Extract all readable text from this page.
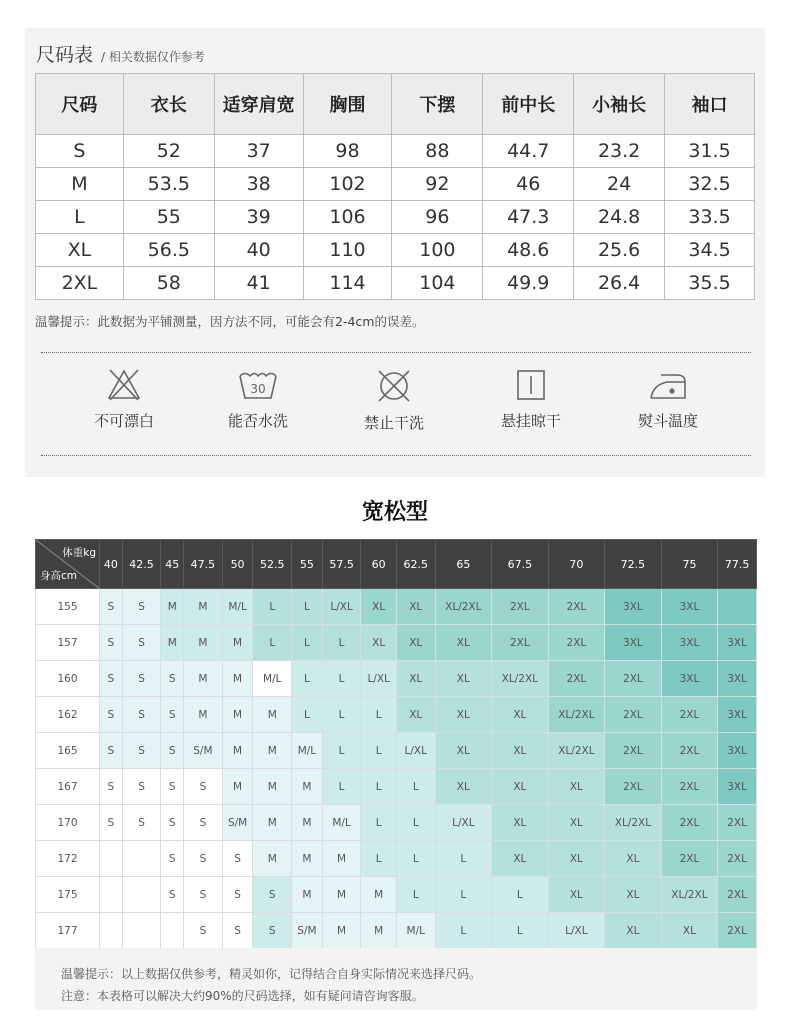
尺码表 / 相关数据仅作参考
尺码	衣长	适穿肩宽	胸围	下摆	前中长	小袖长	袖口
S	52	37	98	88	44.7	23.2	31.5
M	53.5	38	102	92	46	24	32.5
L	55	39	106	96	47.3	24.8	33.5
XL	56.5	40	110	100	48.6	25.6	34.5
2XL	58	41	114	104	49.9	26.4	35.5
温馨提示：此数据为平铺测量，因方法不同，可能会有2-4cm的误差。
不可漂白
30
能否水洗	禁止干洗	悬挂晾干	熨斗温度
宽松型
体重kg
身高cm	40	42.5	45	47.5	50	52.5	55	57.5	60	62.5	65	67.5	70	72.5	75	77.5
155	S	S	M	M	M/L	L	L	L/XL	XL	XL	XL/2XL	2XL	2XL	3XL	3XL	
157	S	S	M	M	M	L	L	L	XL	XL	XL	2XL	2XL	3XL	3XL	3XL
160	S	S	S	M	M	M/L	L	L	L/XL	XL	XL	XL/2XL	2XL	2XL	3XL	3XL
162	S	S	S	M	M	M	L	L	L	XL	XL	XL	XL/2XL	2XL	2XL	3XL
165	S	S	S	S/M	M	M	M/L	L	L	L/XL	XL	XL	XL/2XL	2XL	2XL	3XL
167	S	S	S	S	M	M	M	L	L	L	XL	XL	XL	2XL	2XL	3XL
170	S	S	S	S	S/M	M	M	M/L	L	L	L/XL	XL	XL	XL/2XL	2XL	2XL
172			S	S	S	M	M	M	L	L	L	XL	XL	XL	2XL	2XL
175			S	S	S	S	M	M	M	L	L	L	XL	XL	XL/2XL	2XL
177				S	S	S	S/M	M	M	M/L	L	L	L/XL	XL	XL	2XL
温馨提示：以上数据仅供参考，精灵如你，记得结合自身实际情况来选择尺码。
注意：本表格可以解决大约90%的尺码选择，如有疑问请咨询客服。
